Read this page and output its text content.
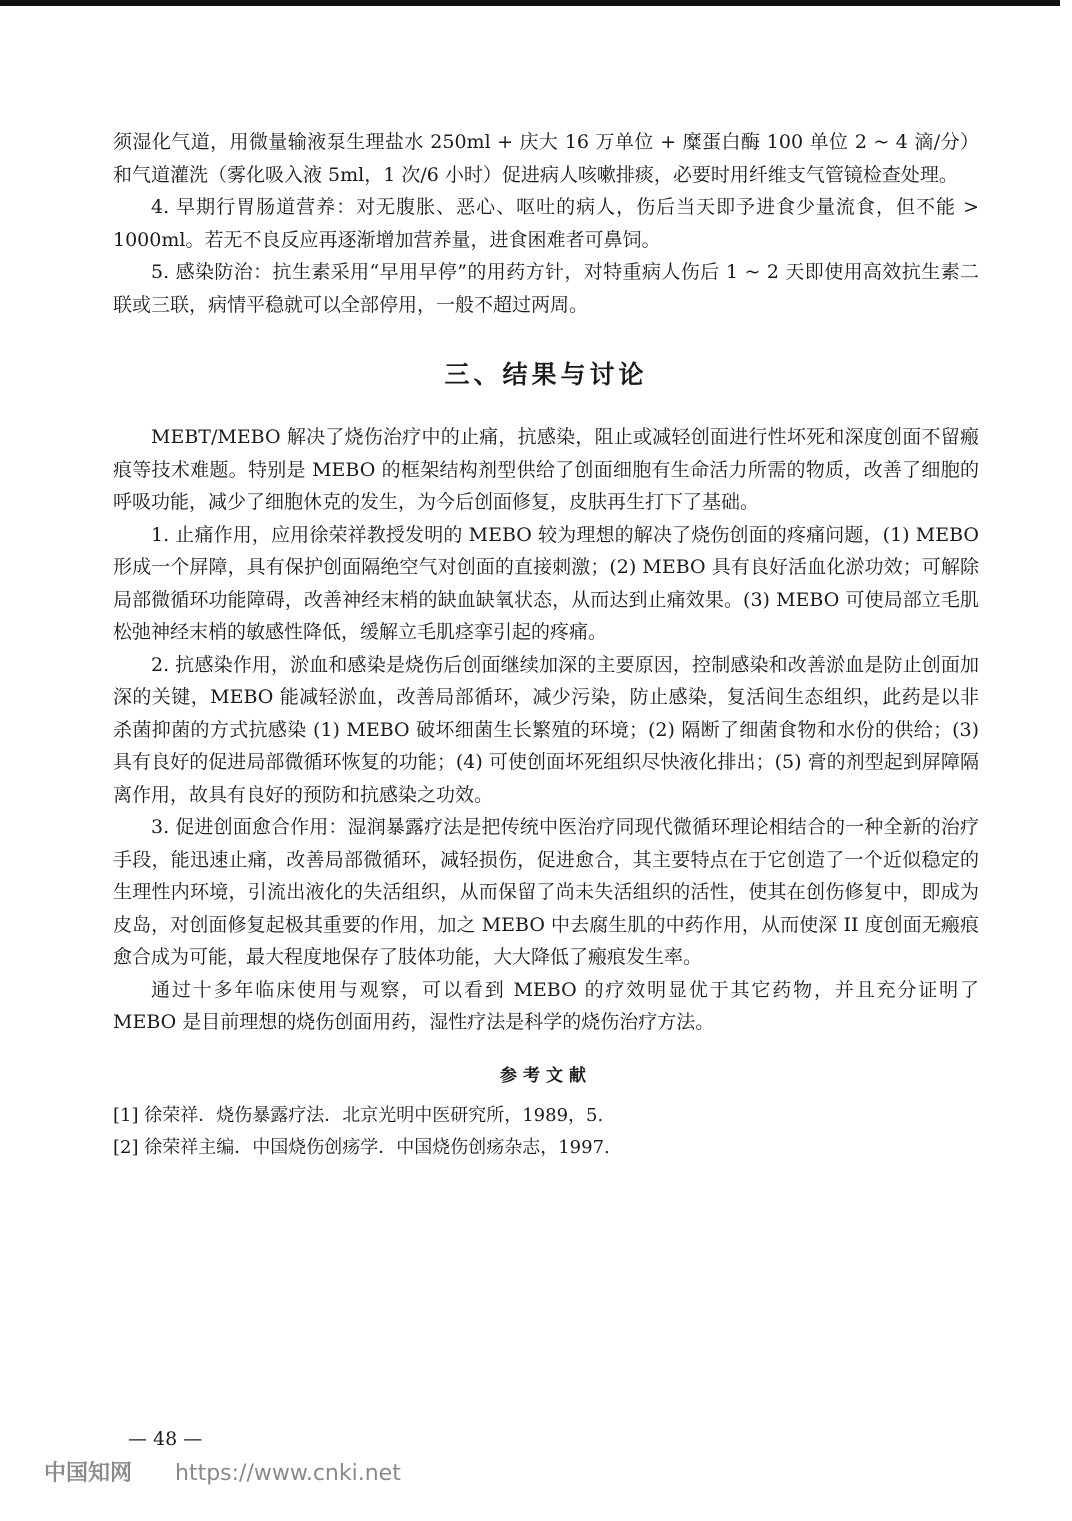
须湿化气道，用微量输液泵生理盐水 250ml + 庆大 16 万单位 + 糜蛋白酶 100 单位 2 ~ 4 滴/分）和气道灌洗（雾化吸入液 5ml，1 次/6 小时）促进病人咳嗽排痰，必要时用纤维支气管镜检查处理。

4. 早期行胃肠道营养：对无腹胀、恶心、呕吐的病人，伤后当天即予进食少量流食，但不能 > 1000ml。若无不良反应再逐渐增加营养量，进食困难者可鼻饲。

5. 感染防治：抗生素采用“早用早停”的用药方针，对特重病人伤后 1 ~ 2 天即使用高效抗生素二联或三联，病情平稳就可以全部停用，一般不超过两周。

三、结果与讨论

MEBT/MEBO 解决了烧伤治疗中的止痛，抗感染，阻止或减轻创面进行性坏死和深度创面不留瘢痕等技术难题。特别是 MEBO 的框架结构剂型供给了创面细胞有生命活力所需的物质，改善了细胞的呼吸功能，减少了细胞休克的发生，为今后创面修复，皮肤再生打下了基础。

1. 止痛作用，应用徐荣祥教授发明的 MEBO 较为理想的解决了烧伤创面的疼痛问题，(1) MEBO 形成一个屏障，具有保护创面隔绝空气对创面的直接刺激；(2) MEBO 具有良好活血化淤功效；可解除局部微循环功能障碍，改善神经末梢的缺血缺氧状态，从而达到止痛效果。(3) MEBO 可使局部立毛肌松弛神经末梢的敏感性降低，缓解立毛肌痉挛引起的疼痛。

2. 抗感染作用，淤血和感染是烧伤后创面继续加深的主要原因，控制感染和改善淤血是防止创面加深的关键，MEBO 能减轻淤血，改善局部循环，减少污染，防止感染，复活间生态组织，此药是以非杀菌抑菌的方式抗感染 (1) MEBO 破坏细菌生长繁殖的环境；(2) 隔断了细菌食物和水份的供给；(3) 具有良好的促进局部微循环恢复的功能；(4) 可使创面坏死组织尽快液化排出；(5) 膏的剂型起到屏障隔离作用，故具有良好的预防和抗感染之功效。

3. 促进创面愈合作用：湿润暴露疗法是把传统中医治疗同现代微循环理论相结合的一种全新的治疗手段，能迅速止痛，改善局部微循环，减轻损伤，促进愈合，其主要特点在于它创造了一个近似稳定的生理性内环境，引流出液化的失活组织，从而保留了尚未失活组织的活性，使其在创伤修复中，即成为皮岛，对创面修复起极其重要的作用，加之 MEBO 中去腐生肌的中药作用，从而使深 II 度创面无瘢痕愈合成为可能，最大程度地保存了肢体功能，大大降低了瘢痕发生率。

通过十多年临床使用与观察，可以看到 MEBO 的疗效明显优于其它药物，并且充分证明了 MEBO 是目前理想的烧伤创面用药，湿性疗法是科学的烧伤治疗方法。

参考文献

[1] 徐荣祥．烧伤暴露疗法．北京光明中医研究所，1989，5.

[2] 徐荣祥主编．中国烧伤创疡学．中国烧伤创疡杂志，1997.

— 48 —
中国知网 https://www.cnki.net
